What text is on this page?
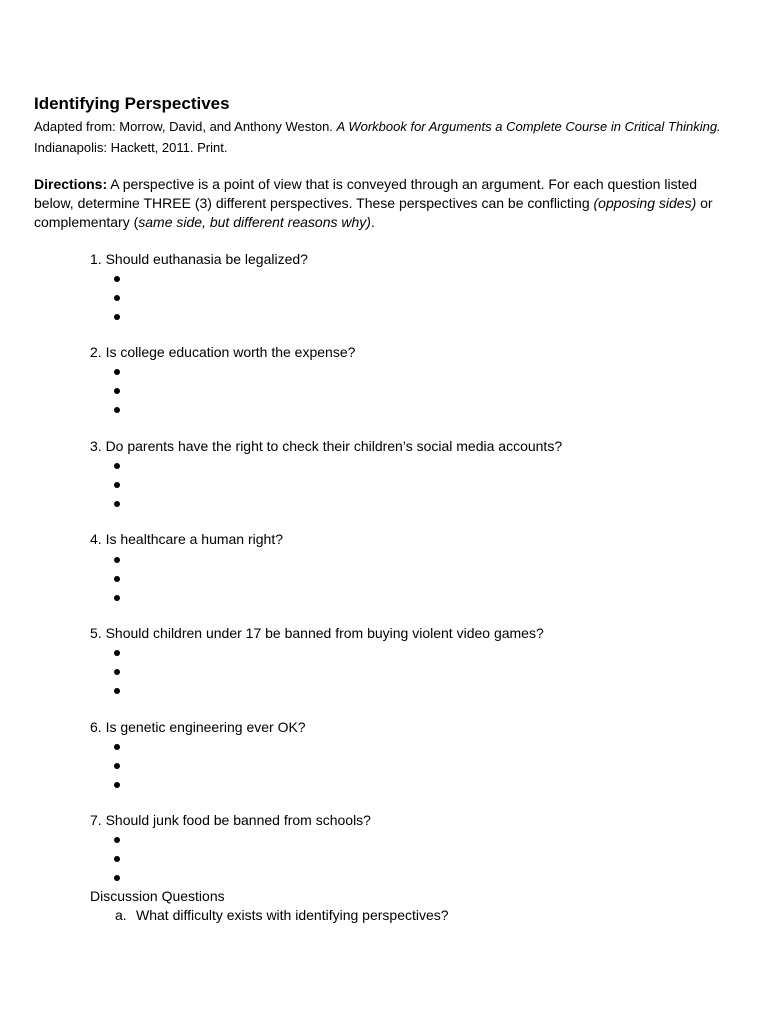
Identifying Perspectives
Adapted from: Morrow, David, and Anthony Weston. A Workbook for Arguments a Complete Course in Critical Thinking.
Indianapolis: Hackett, 2011. Print.
Directions: A perspective is a point of view that is conveyed through an argument. For each question listed below, determine THREE (3) different perspectives. These perspectives can be conflicting (opposing sides) or complementary (same side, but different reasons why).
1. Should euthanasia be legalized?
2. Is college education worth the expense?
3. Do parents have the right to check their children’s social media accounts?
4. Is healthcare a human right?
5. Should children under 17 be banned from buying violent video games?
6. Is genetic engineering ever OK?
7. Should junk food be banned from schools?
Discussion Questions
a. What difficulty exists with identifying perspectives?
